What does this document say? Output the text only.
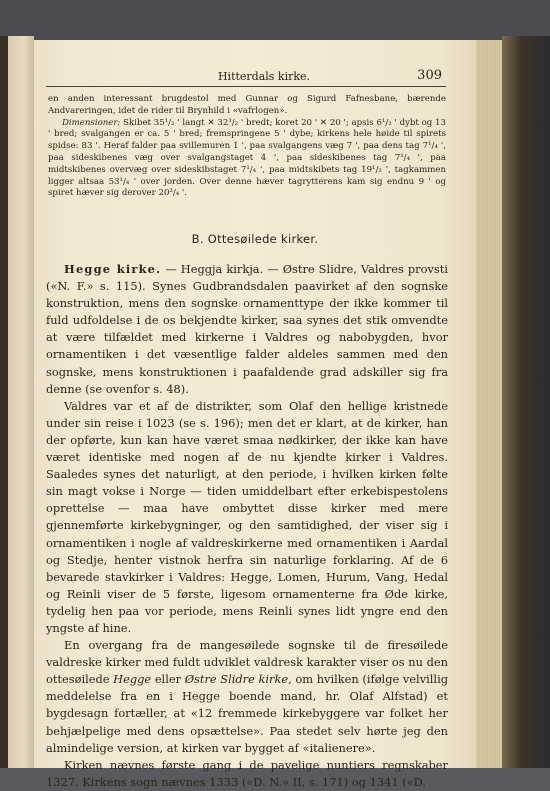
Hitterdals kirke.	309

en anden interessant brugdestol med Gunnar og Sigurd Fafnesbane, bærende Andvareringen, idet de rider til Brynhild i «vafrlogen».

Dimensioner: Skibet 35¹/₂ ' langt ✕ 32¹/₂ ' bredt; koret 20 ' ✕ 20 '; apsis 6¹/₂ ' dybt og 13 ' bred; svalgangen er ca. 5 ' bred; fremspringene 5 ' dybe; kirkens hele høide til spirets spidse: 83 '. Heraf falder paa svillemuren 1 ', paa svalgangens væg 7 ', paa dens tag 7¹/₄ ', paa sideskibenes væg over svalgangstaget 4 ', paa sideskibenes tag 7¹/₄ ', paa midtskibenes overvæg over sideskibstaget 7¹/₄ ', paa midtskibets tag 19¹/₂ ', tagkammen ligger altsaa 53¹/₄ ' over jorden. Over denne hæver tagrytterens kam sig endnu 9 ' og spiret hæver sig derover 20³/₄ '.

B. Ottesøilede kirker.

Hegge kirke. — Heggja kirkja. — Østre Slidre, Valdres provsti («N. F.» s. 115). Synes Gudbrandsdalen paavirket af den sognske konstruktion, mens den sognske ornamenttype der ikke kommer til fuld udfoldelse i de os bekjendte kirker, saa synes det stik omvendte at være tilfældet med kirkerne i Valdres og nabobygden, hvor ornamentiken i det væsentlige falder aldeles sammen med den sognske, mens konstruktionen i paafaldende grad adskiller sig fra denne (se ovenfor s. 48).

Valdres var et af de distrikter, som Olaf den hellige kristnede under sin reise i 1023 (se s. 196); men det er klart, at de kirker, han der opførte, kun kan have været smaa nødkirker, der ikke kan have været identiske med nogen af de nu kjendte kirker i Valdres. Saaledes synes det naturligt, at den periode, i hvilken kirken følte sin magt vokse i Norge — tiden umiddelbart efter erkebispestolens oprettelse — maa have ombyttet disse kirker med mere gjennemførte kirkebygninger, og den samtidighed, der viser sig i ornamentiken i nogle af valdreskirkerne med ornamentiken i Aardal og Stedje, henter vistnok herfra sin naturlige forklaring. Af de 6 bevarede stavkirker i Valdres: Hegge, Lomen, Hurum, Vang, Hedal og Reinli viser de 5 første, ligesom ornamenterne fra Øde kirke, tydelig hen paa vor periode, mens Reinli synes lidt yngre end den yngste af hine.

En overgang fra de mangesøilede sognske til de firesøilede valdreske kirker med fuldt udviklet valdresk karakter viser os nu den ottesøilede Hegge eller Østre Slidre kirke, om hvilken (ifølge velvillig meddelelse fra en i Hegge boende mand, hr. Olaf Alfstad) et bygdesagn fortæller, at «12 fremmede kirkebyggere var folket her behjælpelige med dens opsættelse». Paa stedet selv hørte jeg den almindelige version, at kirken var bygget af «italienere».

Kirken nævnes første gang i de pavelige nuntiers regnskaber 1327. Kirkens sogn nævnes 1333 («D. N.» II, s. 171) og 1341 («D.
